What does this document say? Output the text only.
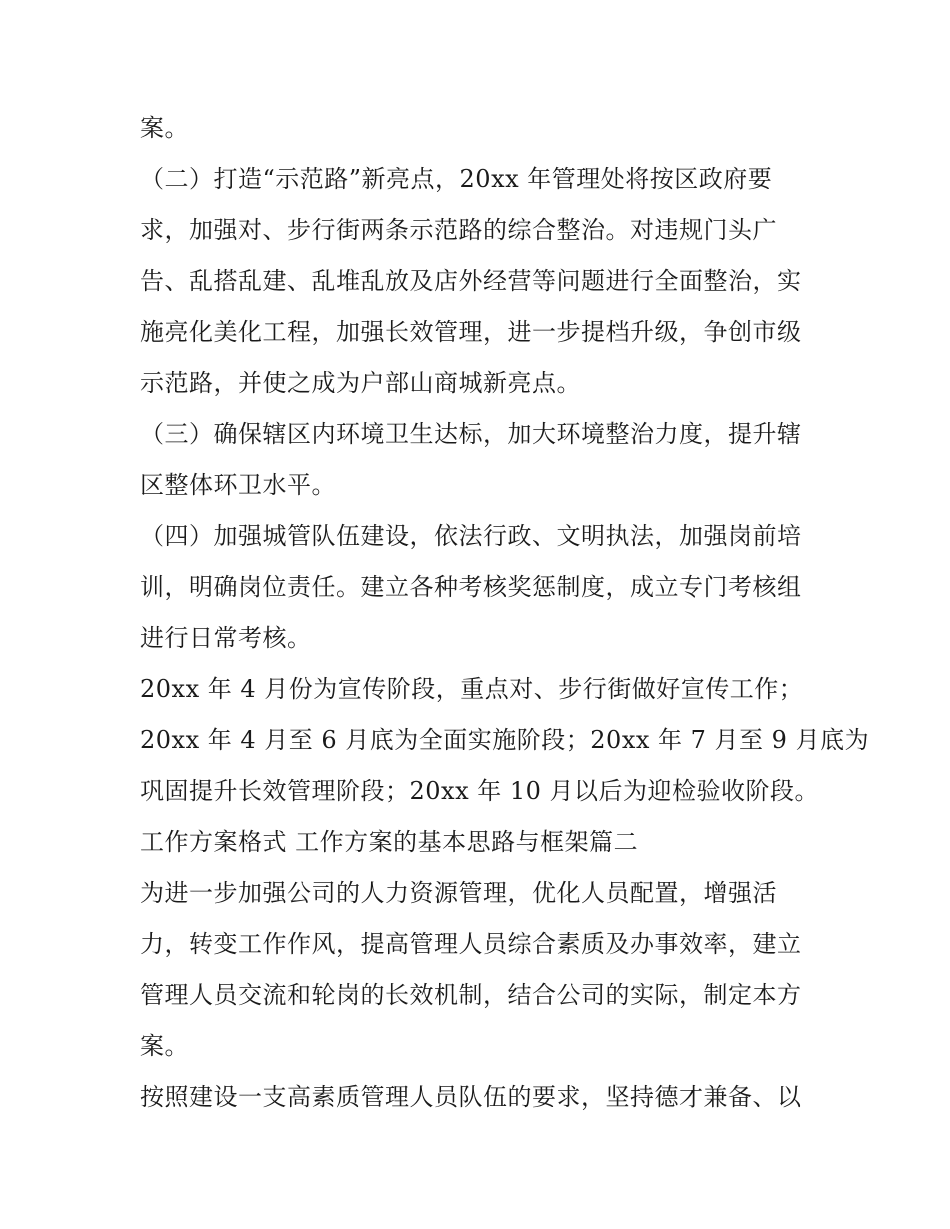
案。
（二）打造“示范路”新亮点，20xx 年管理处将按区政府要
求，加强对、步行街两条示范路的综合整治。对违规门头广
告、乱搭乱建、乱堆乱放及店外经营等问题进行全面整治，实
施亮化美化工程，加强长效管理，进一步提档升级，争创市级
示范路，并使之成为户部山商城新亮点。
（三）确保辖区内环境卫生达标，加大环境整治力度，提升辖
区整体环卫水平。
（四）加强城管队伍建设，依法行政、文明执法，加强岗前培
训，明确岗位责任。建立各种考核奖惩制度，成立专门考核组
进行日常考核。
20xx 年 4 月份为宣传阶段，重点对、步行街做好宣传工作；
20xx 年 4 月至 6 月底为全面实施阶段；20xx 年 7 月至 9 月底为
巩固提升长效管理阶段；20xx 年 10 月以后为迎检验收阶段。
工作方案格式 工作方案的基本思路与框架篇二
为进一步加强公司的人力资源管理，优化人员配置，增强活
力，转变工作作风，提高管理人员综合素质及办事效率，建立
管理人员交流和轮岗的长效机制，结合公司的实际，制定本方
案。
按照建设一支高素质管理人员队伍的要求，坚持德才兼备、以
